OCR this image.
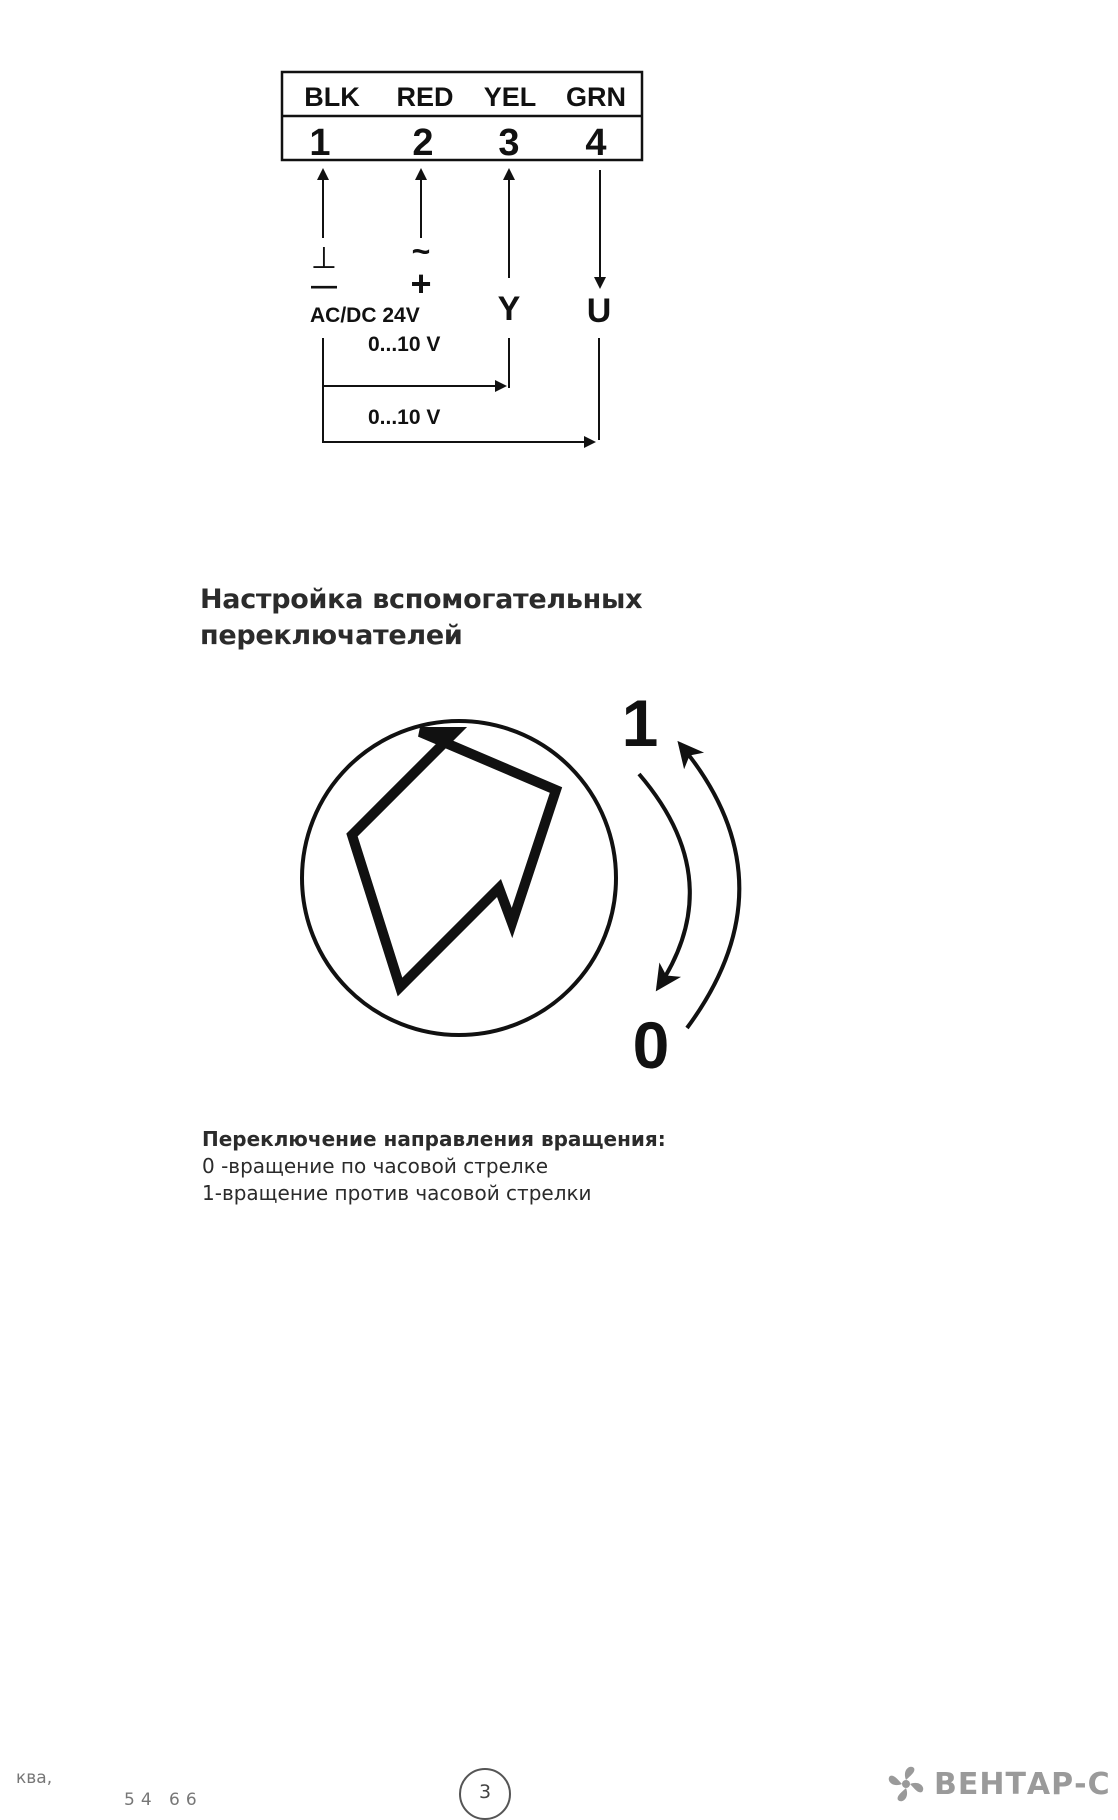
BLK RED YEL GRN
1 2 3 4
⊥
—
~
+
AC/DC 24V Y U
0...10 V
0...10 V
Настройка вспомогательных
переключателей
1
0
Переключение направления вращения:
0 -вращение по часовой стрелке
1-вращение против часовой стрелки
ква,
54 66	3	ВЕНТАР-С
